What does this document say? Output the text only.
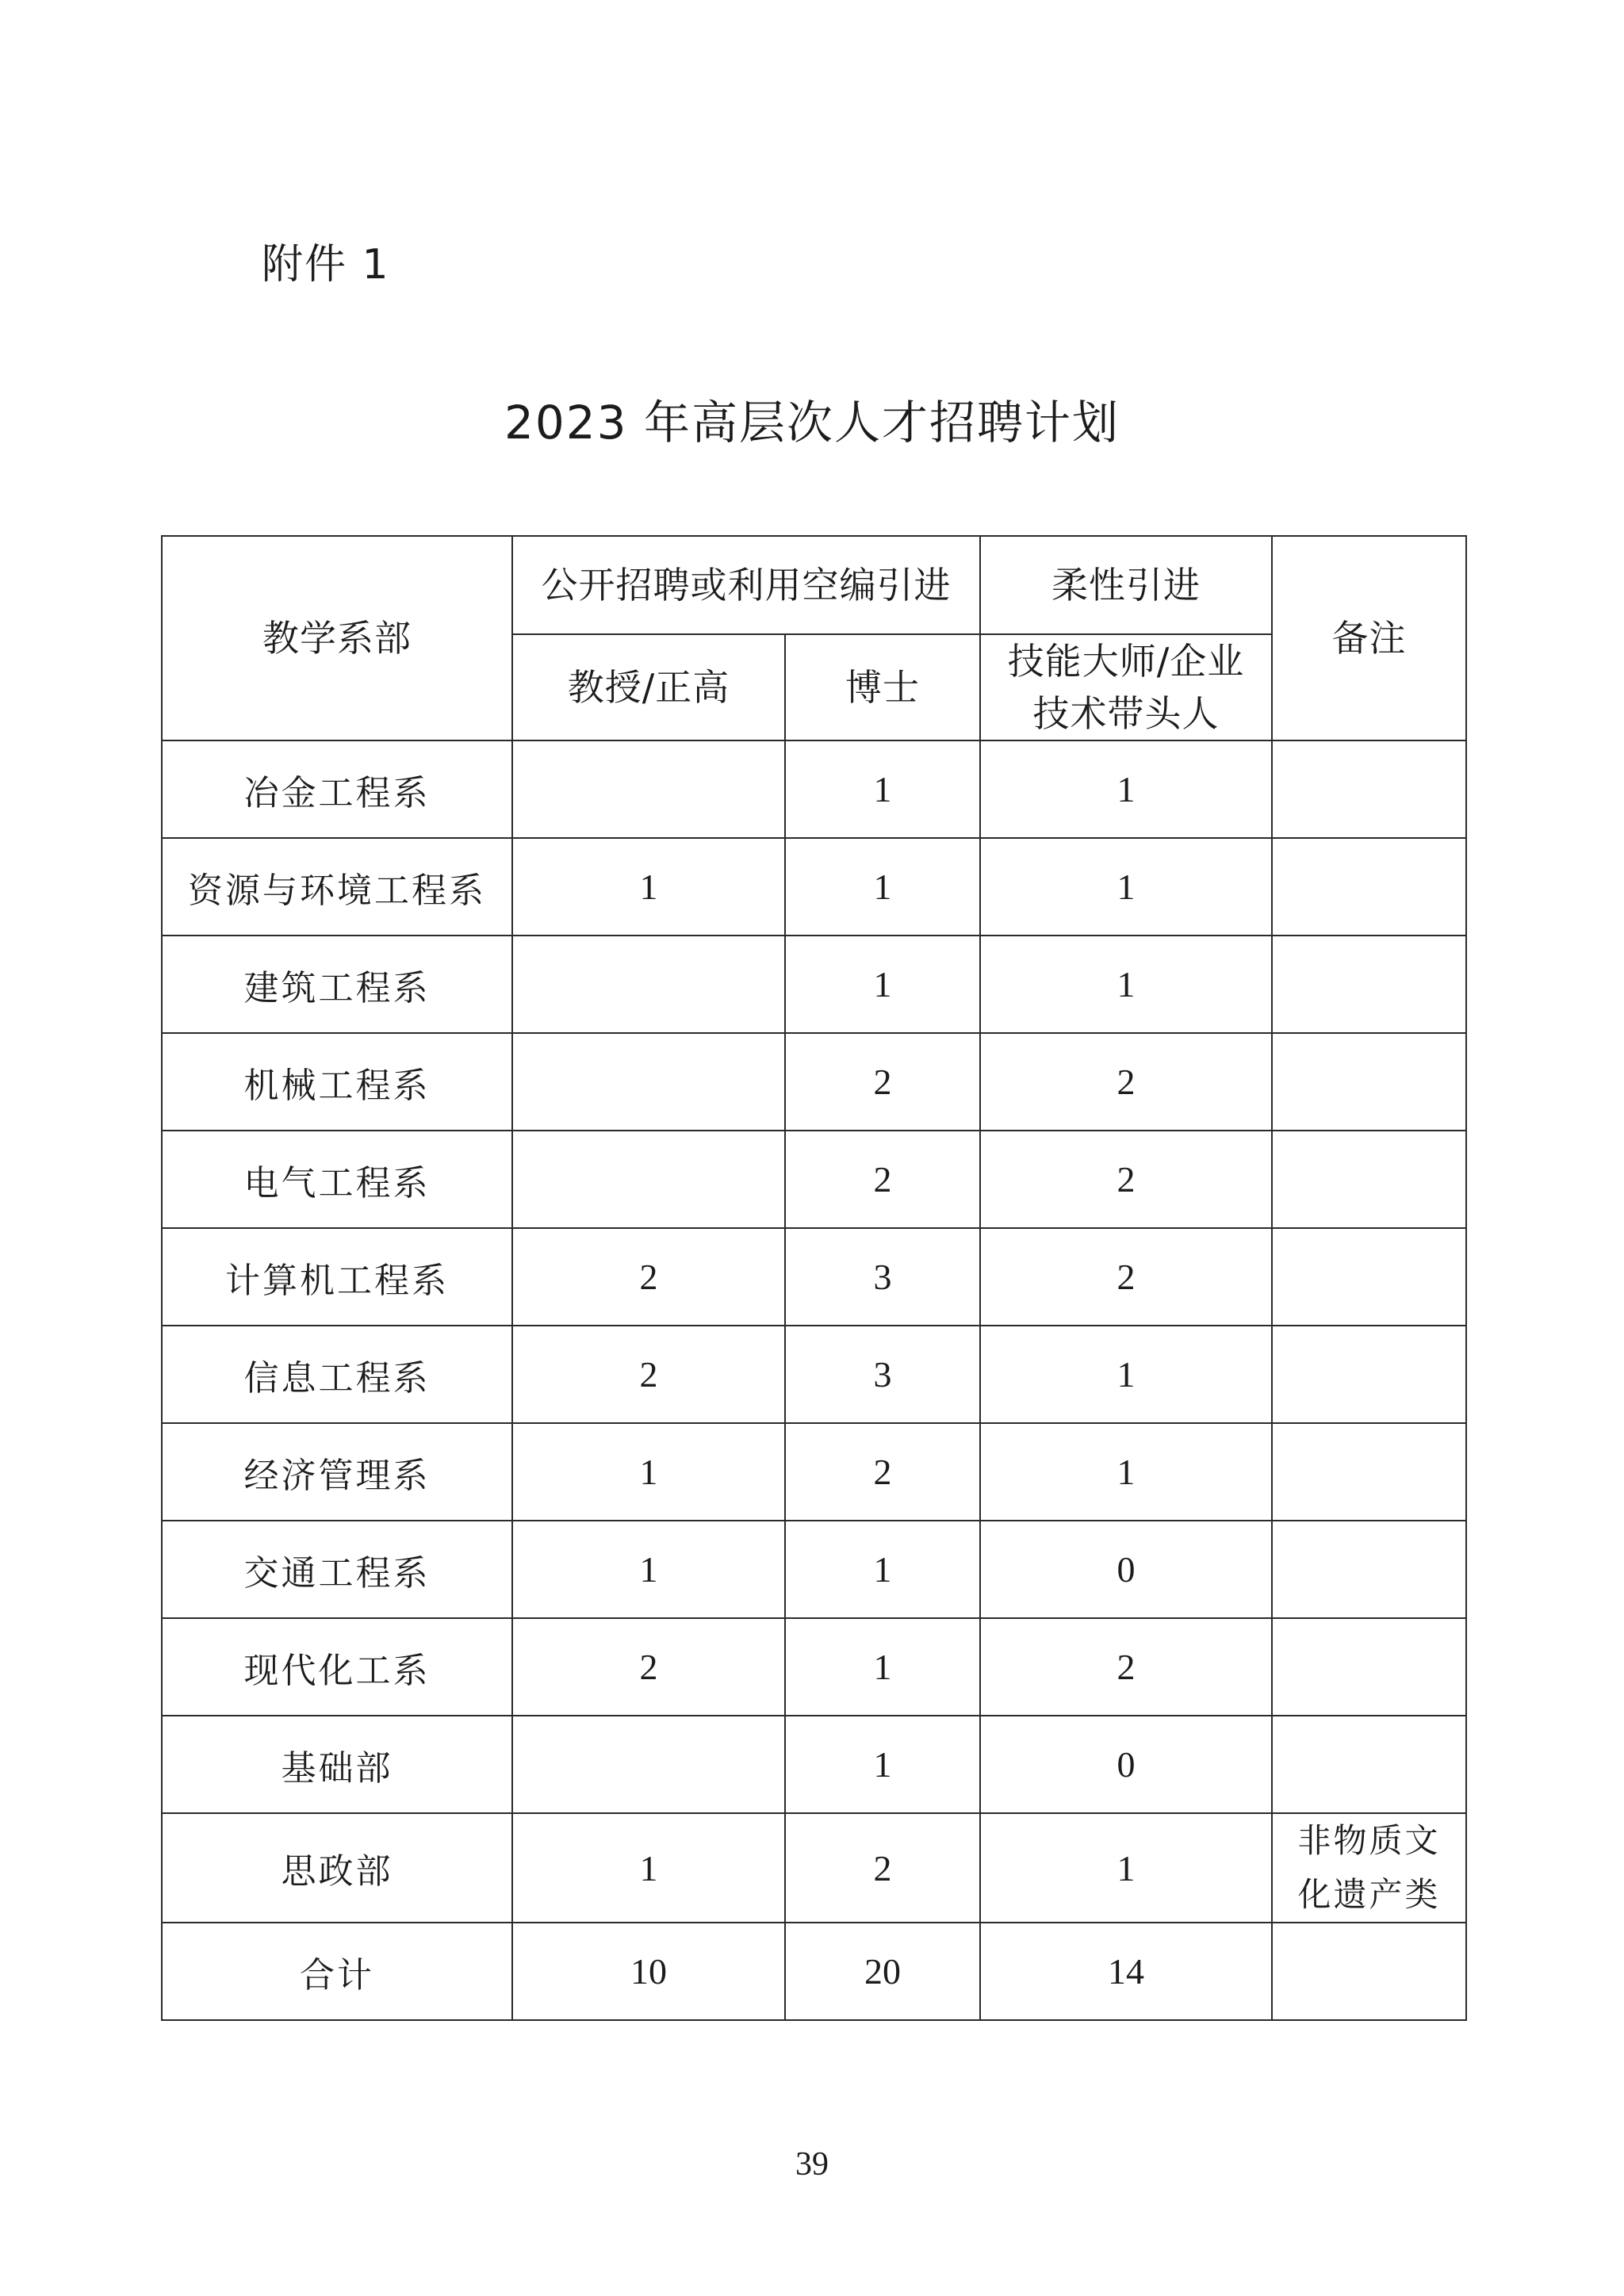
附件 1
2023 年高层次人才招聘计划
教学系部	公开招聘或利用空编引进		柔性引进	备注
	教授/正高	博士	技能大师/企业
技术带头人	

冶金工程系		1	1	
资源与环境工程系	1	1	1	
建筑工程系		1	1	
机械工程系		2	2	
电气工程系		2	2	
计算机工程系	2	3	2	
信息工程系	2	3	1	
经济管理系	1	2	1	
交通工程系	1	1	0	
现代化工系	2	1	2	
基础部		1	0	
思政部	1	2	1	非物质文
化遗产类

合计	10	20	14	
39
